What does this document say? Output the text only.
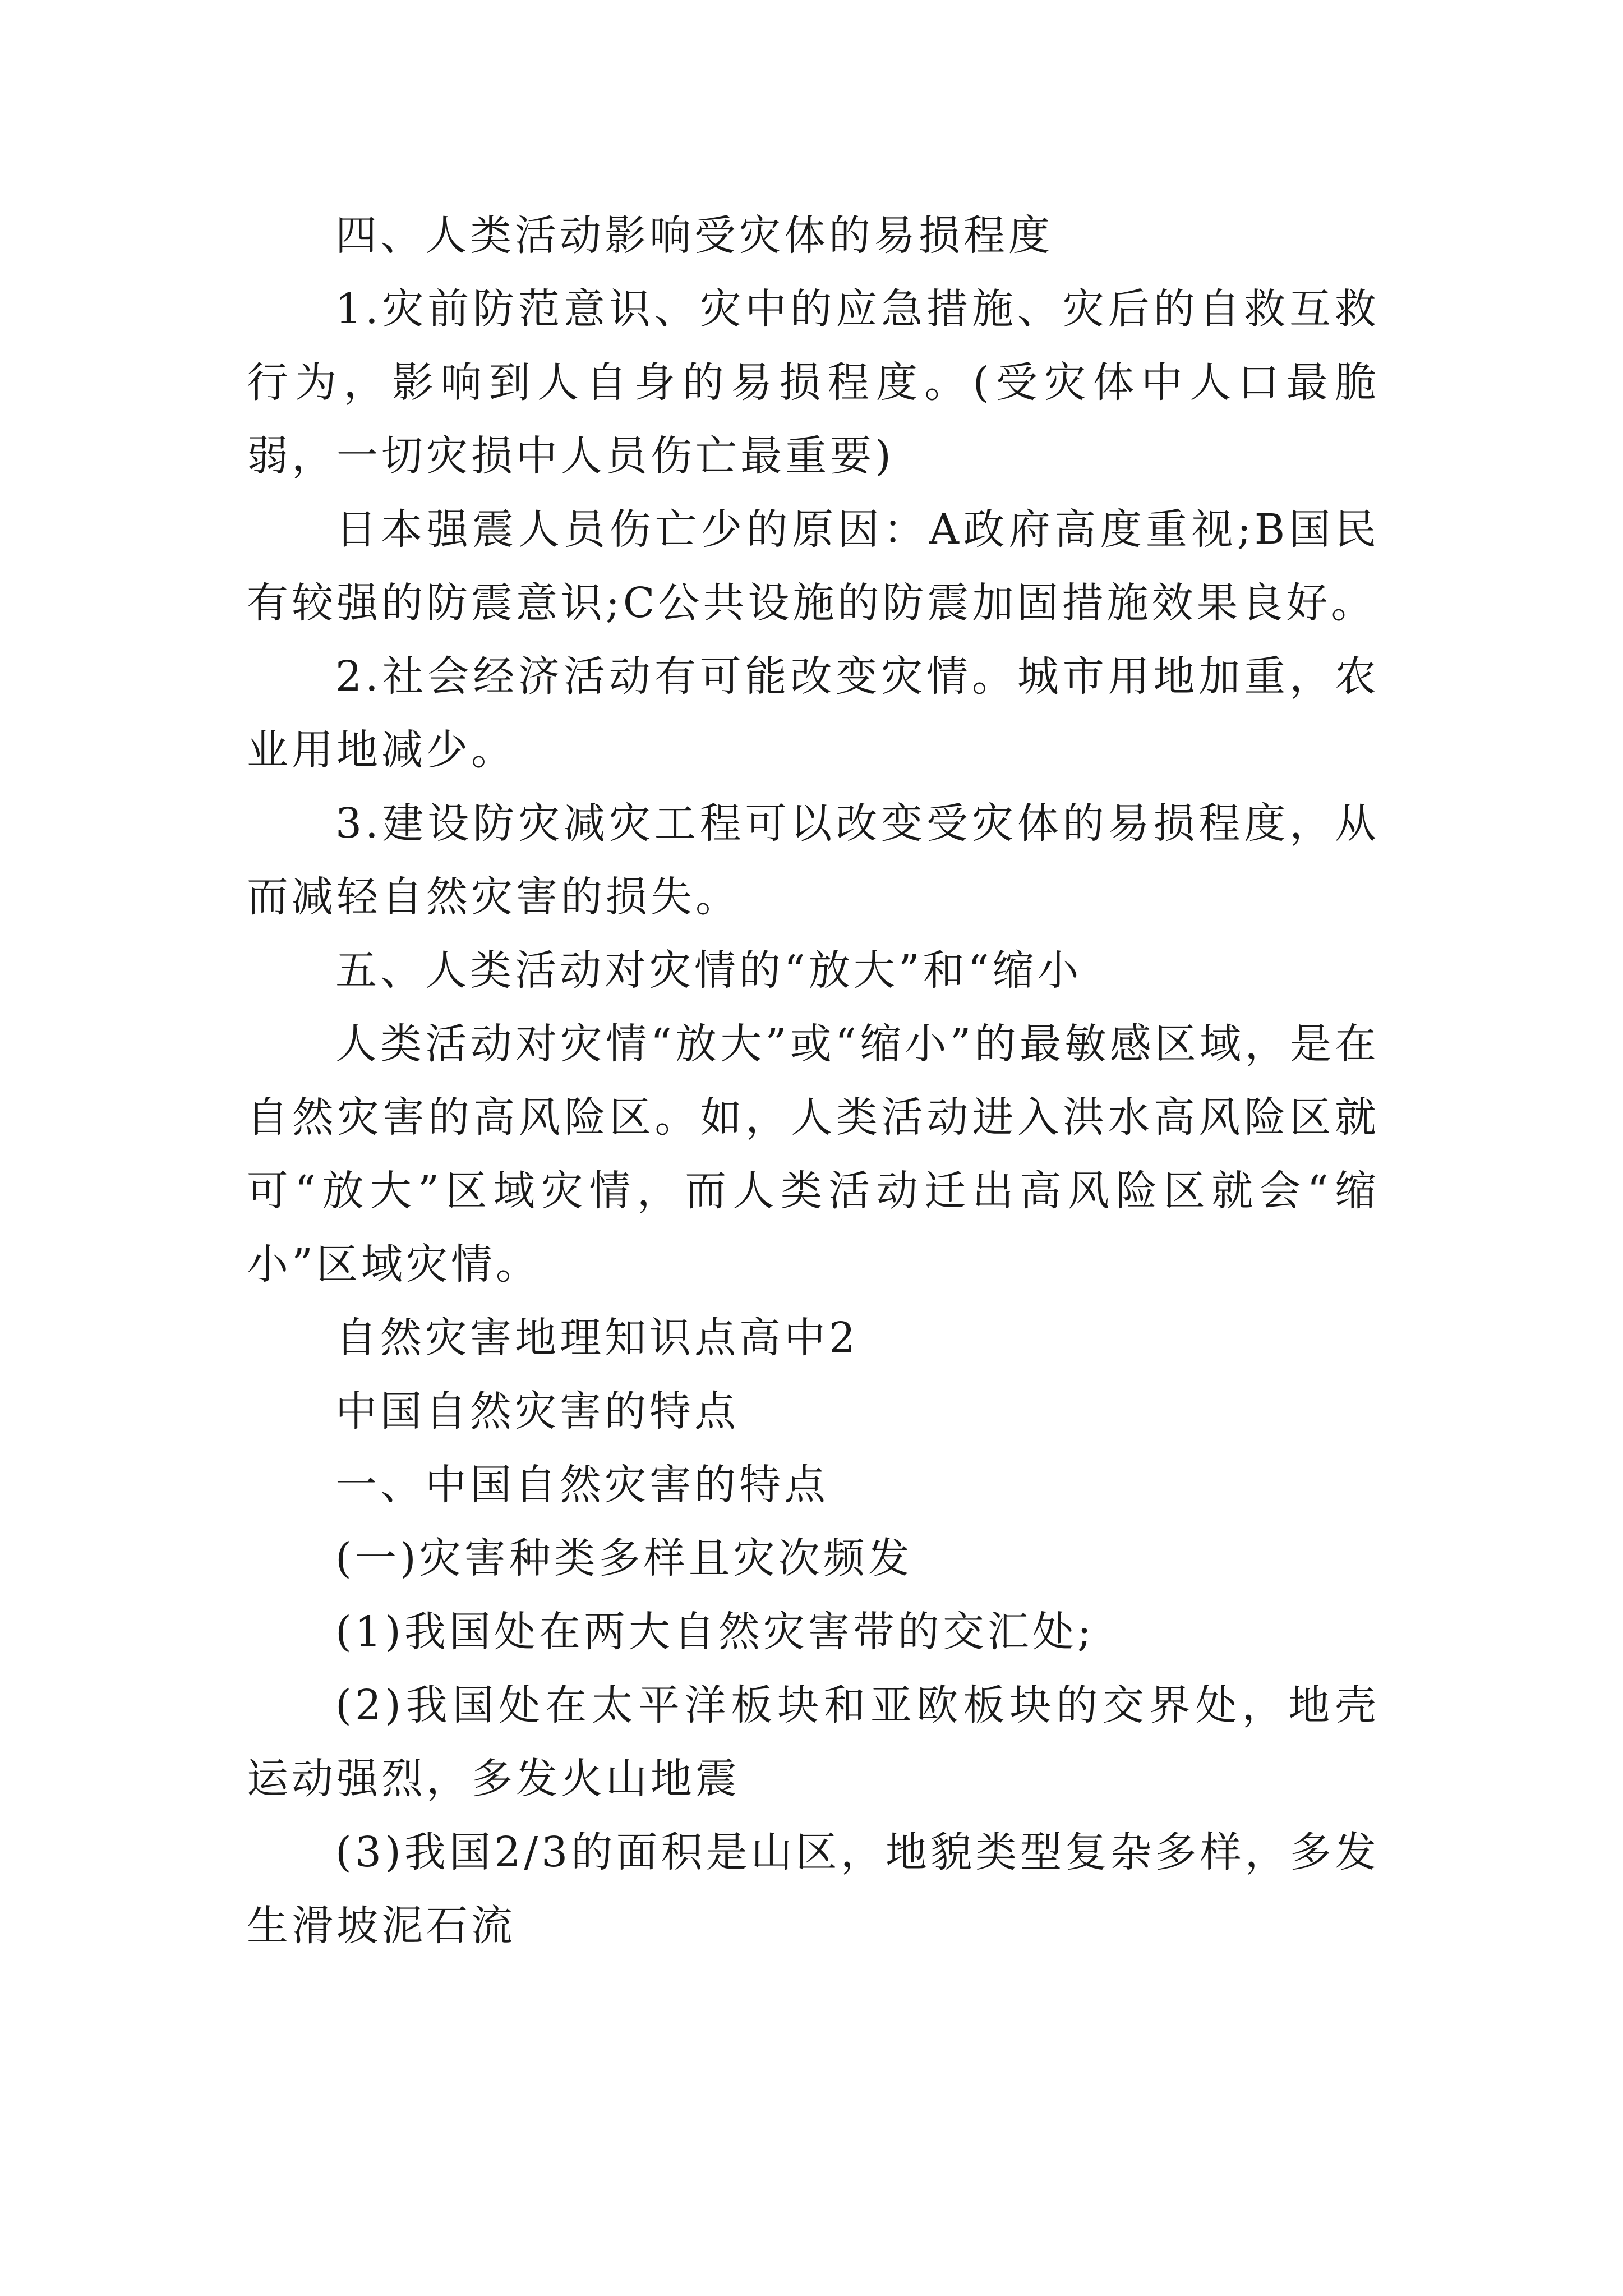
四、人类活动影响受灾体的易损程度

1.灾前防范意识、灾中的应急措施、灾后的自救互救行为，影响到人自身的易损程度。(受灾体中人口最脆弱，一切灾损中人员伤亡最重要)

日本强震人员伤亡少的原因：A政府高度重视;B国民有较强的防震意识;C公共设施的防震加固措施效果良好。

2.社会经济活动有可能改变灾情。城市用地加重，农业用地减少。

3.建设防灾减灾工程可以改变受灾体的易损程度，从而减轻自然灾害的损失。

五、人类活动对灾情的“放大”和“缩小

人类活动对灾情“放大”或“缩小”的最敏感区域，是在自然灾害的高风险区。如，人类活动进入洪水高风险区就可“放大”区域灾情，而人类活动迁出高风险区就会“缩小”区域灾情。

自然灾害地理知识点高中2

中国自然灾害的特点

一、中国自然灾害的特点

(一)灾害种类多样且灾次频发

(1)我国处在两大自然灾害带的交汇处;

(2)我国处在太平洋板块和亚欧板块的交界处，地壳运动强烈，多发火山地震

(3)我国2/3的面积是山区，地貌类型复杂多样，多发生滑坡泥石流
